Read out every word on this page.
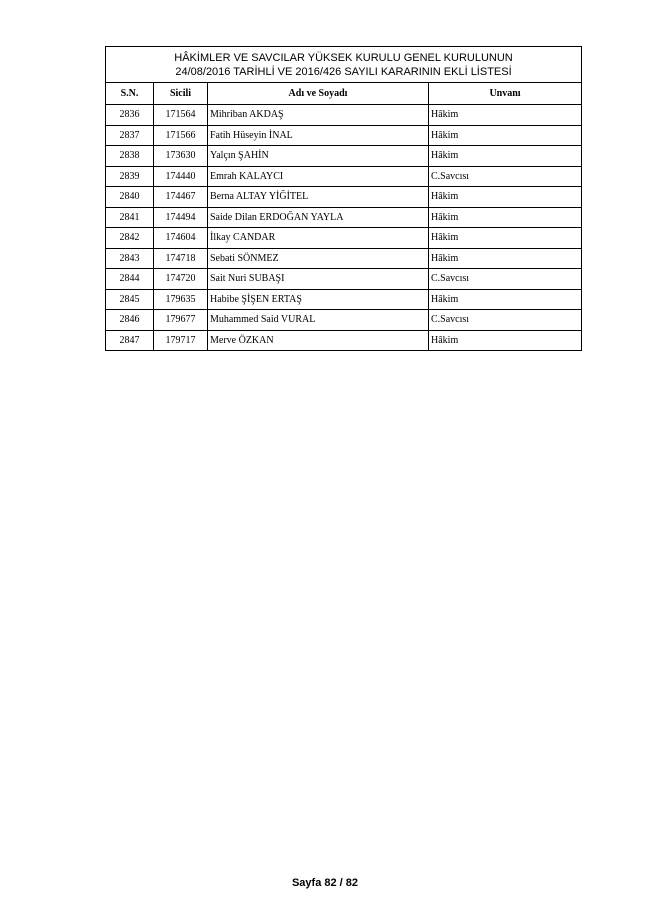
HÂKİMLER VE SAVCILAR YÜKSEK KURULU GENEL KURULUNUN
24/08/2016 TARİHLİ VE 2016/426 SAYILI KARARININ EKLİ LİSTESİ			

S.N.	Sicili	Adı ve Soyadı	Unvanı
2836	171564	Mihriban AKDAŞ	Hâkim
2837	171566	Fatih Hüseyin İNAL	Hâkim
2838	173630	Yalçın ŞAHİN	Hâkim
2839	174440	Emrah KALAYCI	C.Savcısı
2840	174467	Berna ALTAY YİĞİTEL	Hâkim
2841	174494	Saide Dilan ERDOĞAN YAYLA	Hâkim
2842	174604	İlkay CANDAR	Hâkim
2843	174718	Sebati SÖNMEZ	Hâkim
2844	174720	Sait Nuri SUBAŞI	C.Savcısı
2845	179635	Habibe ŞİŞEN ERTAŞ	Hâkim
2846	179677	Muhammed Said VURAL	C.Savcısı
2847	179717	Merve ÖZKAN	Hâkim
Sayfa 82 / 82
